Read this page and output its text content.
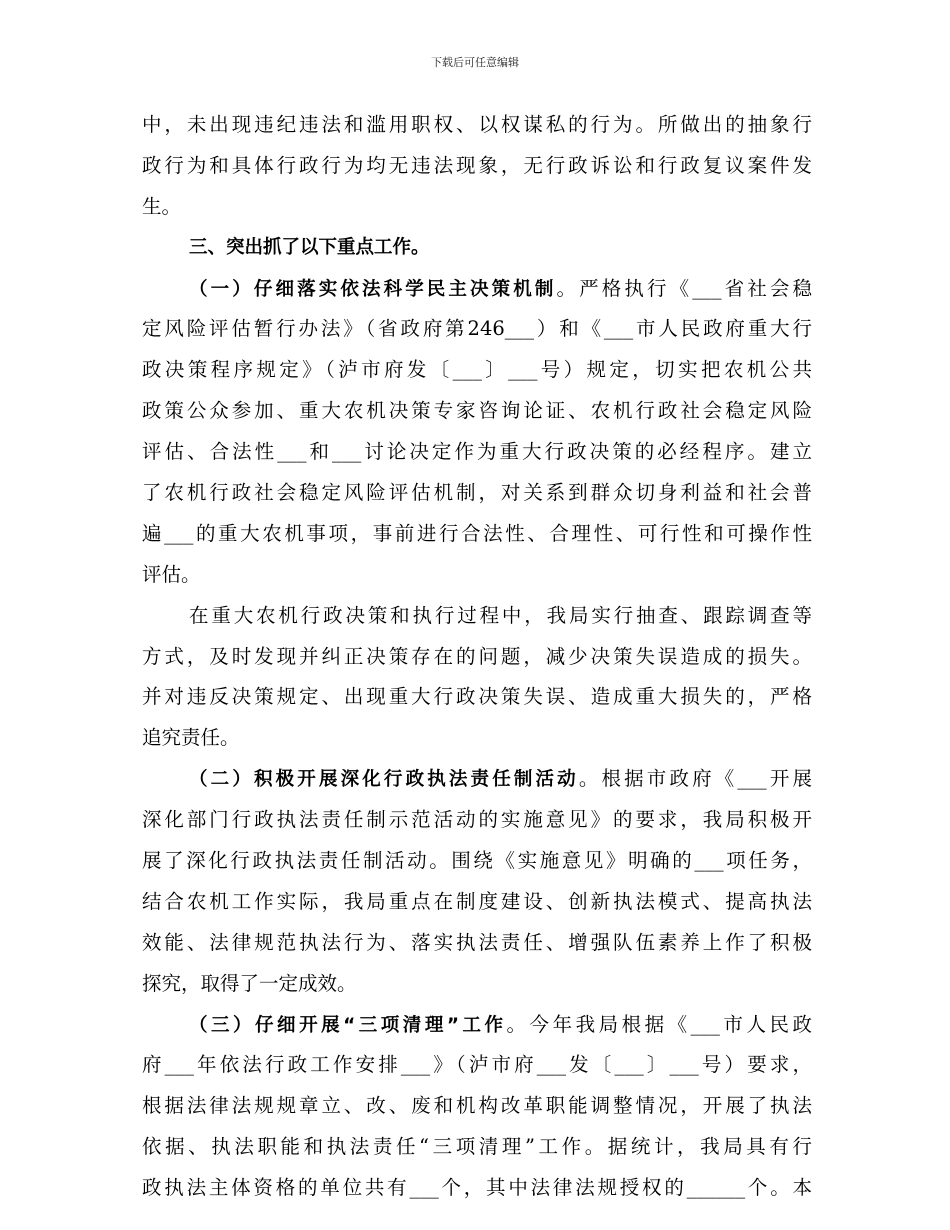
下载后可任意编辑
中，未出现违纪违法和滥用职权、以权谋私的行为。所做出的抽象行
政行为和具体行政行为均无违法现象，无行政诉讼和行政复议案件发
生。
三、突出抓了以下重点工作。
（一）仔细落实依法科学民主决策机制。严格执行《___省社会稳
定风险评估暂行办法》（省政府第246___）和《___市人民政府重大行
政决策程序规定》（泸市府发〔___〕___号）规定，切实把农机公共
政策公众参加、重大农机决策专家咨询论证、农机行政社会稳定风险
评估、合法性___和___讨论决定作为重大行政决策的必经程序。建立
了农机行政社会稳定风险评估机制，对关系到群众切身利益和社会普
遍___的重大农机事项，事前进行合法性、合理性、可行性和可操作性
评估。
在重大农机行政决策和执行过程中，我局实行抽查、跟踪调查等
方式，及时发现并纠正决策存在的问题，减少决策失误造成的损失。
并对违反决策规定、出现重大行政决策失误、造成重大损失的，严格
追究责任。
（二）积极开展深化行政执法责任制活动。根据市政府《___开展
深化部门行政执法责任制示范活动的实施意见》的要求，我局积极开
展了深化行政执法责任制活动。围绕《实施意见》明确的___项任务，
结合农机工作实际，我局重点在制度建设、创新执法模式、提高执法
效能、法律规范执法行为、落实执法责任、增强队伍素养上作了积极
探究，取得了一定成效。
（三）仔细开展“三项清理”工作。今年我局根据《___市人民政
府___年依法行政工作安排___》（泸市府___发〔___〕___号）要求，
根据法律法规规章立、改、废和机构改革职能调整情况，开展了执法
依据、执法职能和执法责任“三项清理”工作。据统计，我局具有行
政执法主体资格的单位共有___个，其中法律法规授权的______个。本
